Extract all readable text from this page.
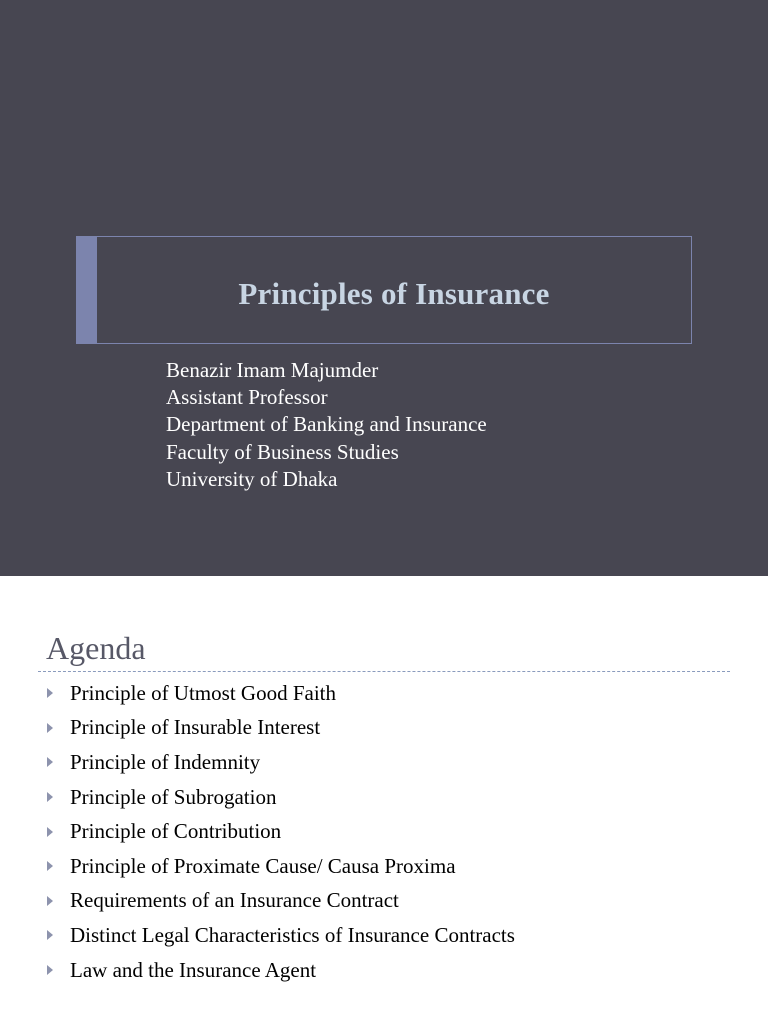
Principles of Insurance
Benazir Imam Majumder
Assistant Professor
Department of Banking and Insurance
Faculty of Business Studies
University of Dhaka
Agenda
Principle of Utmost Good Faith
Principle of Insurable Interest
Principle of Indemnity
Principle of Subrogation
Principle of Contribution
Principle of Proximate Cause/ Causa Proxima
Requirements of an Insurance Contract
Distinct Legal Characteristics of Insurance Contracts
Law and the Insurance Agent
